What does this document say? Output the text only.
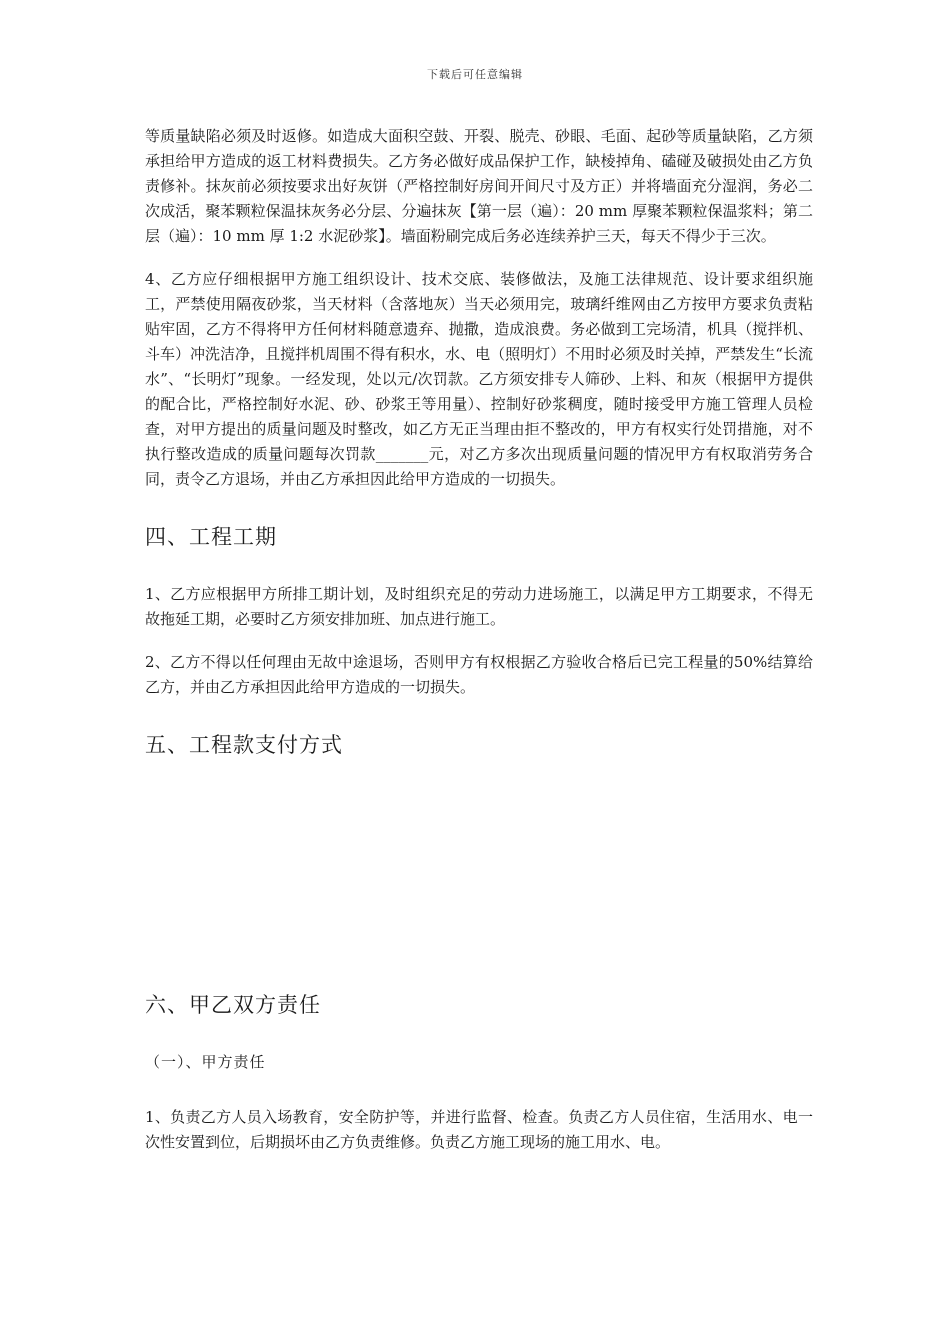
下载后可任意编辑

等质量缺陷必须及时返修。如造成大面积空鼓、开裂、脱壳、砂眼、毛面、起砂等质量缺陷，乙方须承担给甲方造成的返工材料费损失。乙方务必做好成品保护工作，缺棱掉角、磕碰及破损处由乙方负责修补。抹灰前必须按要求出好灰饼（严格控制好房间开间尺寸及方正）并将墙面充分湿润，务必二次成活，聚苯颗粒保温抹灰务必分层、分遍抹灰【第一层（遍）：20 mm 厚聚苯颗粒保温浆料；第二层（遍）：10 mm 厚 1:2 水泥砂浆】。墙面粉刷完成后务必连续养护三天，每天不得少于三次。

4、乙方应仔细根据甲方施工组织设计、技术交底、装修做法，及施工法律规范、设计要求组织施工，严禁使用隔夜砂浆，当天材料（含落地灰）当天必须用完，玻璃纤维网由乙方按甲方要求负责粘贴牢固，乙方不得将甲方任何材料随意遗弃、抛撒，造成浪费。务必做到工完场清，机具（搅拌机、斗车）冲洗洁净，且搅拌机周围不得有积水，水、电（照明灯）不用时必须及时关掉，严禁发生“长流水”、“长明灯”现象。一经发现，处以元/次罚款。乙方须安排专人筛砂、上料、和灰（根据甲方提供的配合比，严格控制好水泥、砂、砂浆王等用量）、控制好砂浆稠度，随时接受甲方施工管理人员检查，对甲方提出的质量问题及时整改，如乙方无正当理由拒不整改的，甲方有权实行处罚措施，对不执行整改造成的质量问题每次罚款_______元，对乙方多次出现质量问题的情况甲方有权取消劳务合同，责令乙方退场，并由乙方承担因此给甲方造成的一切损失。

四、工程工期

1、乙方应根据甲方所排工期计划，及时组织充足的劳动力进场施工，以满足甲方工期要求，不得无故拖延工期，必要时乙方须安排加班、加点进行施工。

2、乙方不得以任何理由无故中途退场，否则甲方有权根据乙方验收合格后已完工程量的50%结算给乙方，并由乙方承担因此给甲方造成的一切损失。

五、工程款支付方式
六、甲乙双方责任

（一）、甲方责任

1、负责乙方人员入场教育，安全防护等，并进行监督、检查。负责乙方人员住宿，生活用水、电一次性安置到位，后期损坏由乙方负责维修。负责乙方施工现场的施工用水、电。
